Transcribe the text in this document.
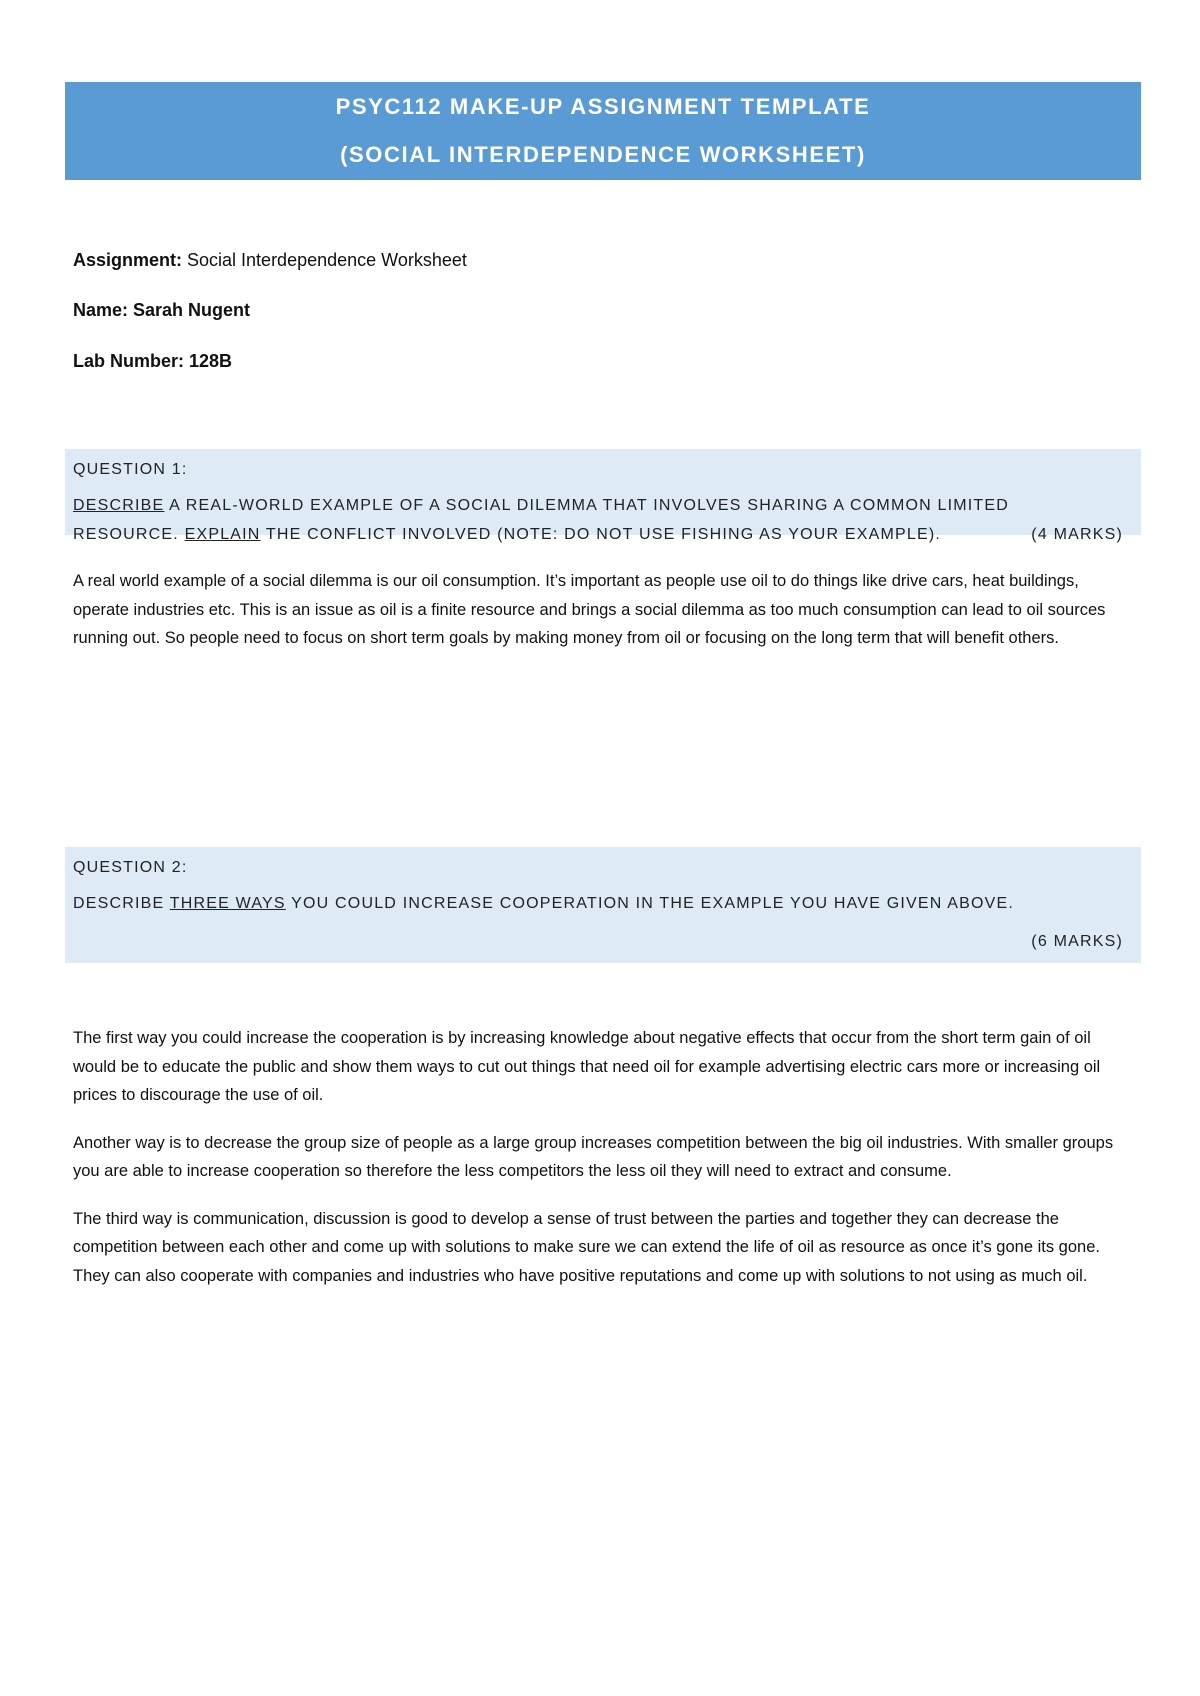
PSYC112 MAKE-UP ASSIGNMENT TEMPLATE
(SOCIAL INTERDEPENDENCE WORKSHEET)
Assignment: Social Interdependence Worksheet
Name: Sarah Nugent
Lab Number: 128B
QUESTION 1:
DESCRIBE A REAL-WORLD EXAMPLE OF A SOCIAL DILEMMA THAT INVOLVES SHARING A COMMON LIMITED
RESOURCE. EXPLAIN THE CONFLICT INVOLVED (NOTE: DO NOT USE FISHING AS YOUR EXAMPLE).	(4 MARKS)

A real world example of a social dilemma is our oil consumption. It’s important as people use oil to do things like drive cars, heat buildings, operate industries etc. This is an issue as oil is a finite resource and brings a social dilemma as too much consumption can lead to oil sources running out. So people need to focus on short term goals by making money from oil or focusing on the long term that will benefit others.

QUESTION 2:
DESCRIBE THREE WAYS YOU COULD INCREASE COOPERATION IN THE EXAMPLE YOU HAVE GIVEN ABOVE.
(6 MARKS)

The first way you could increase the cooperation is by increasing knowledge about negative effects that occur from the short term gain of oil would be to educate the public and show them ways to cut out things that need oil for example advertising electric cars more or increasing oil prices to discourage the use of oil.

Another way is to decrease the group size of people as a large group increases competition between the big oil industries. With smaller groups you are able to increase cooperation so therefore the less competitors the less oil they will need to extract and consume.

The third way is communication, discussion is good to develop a sense of trust between the parties and together they can decrease the competition between each other and come up with solutions to make sure we can extend the life of oil as resource as once it’s gone its gone. They can also cooperate with companies and industries who have positive reputations and come up with solutions to not using as much oil.
